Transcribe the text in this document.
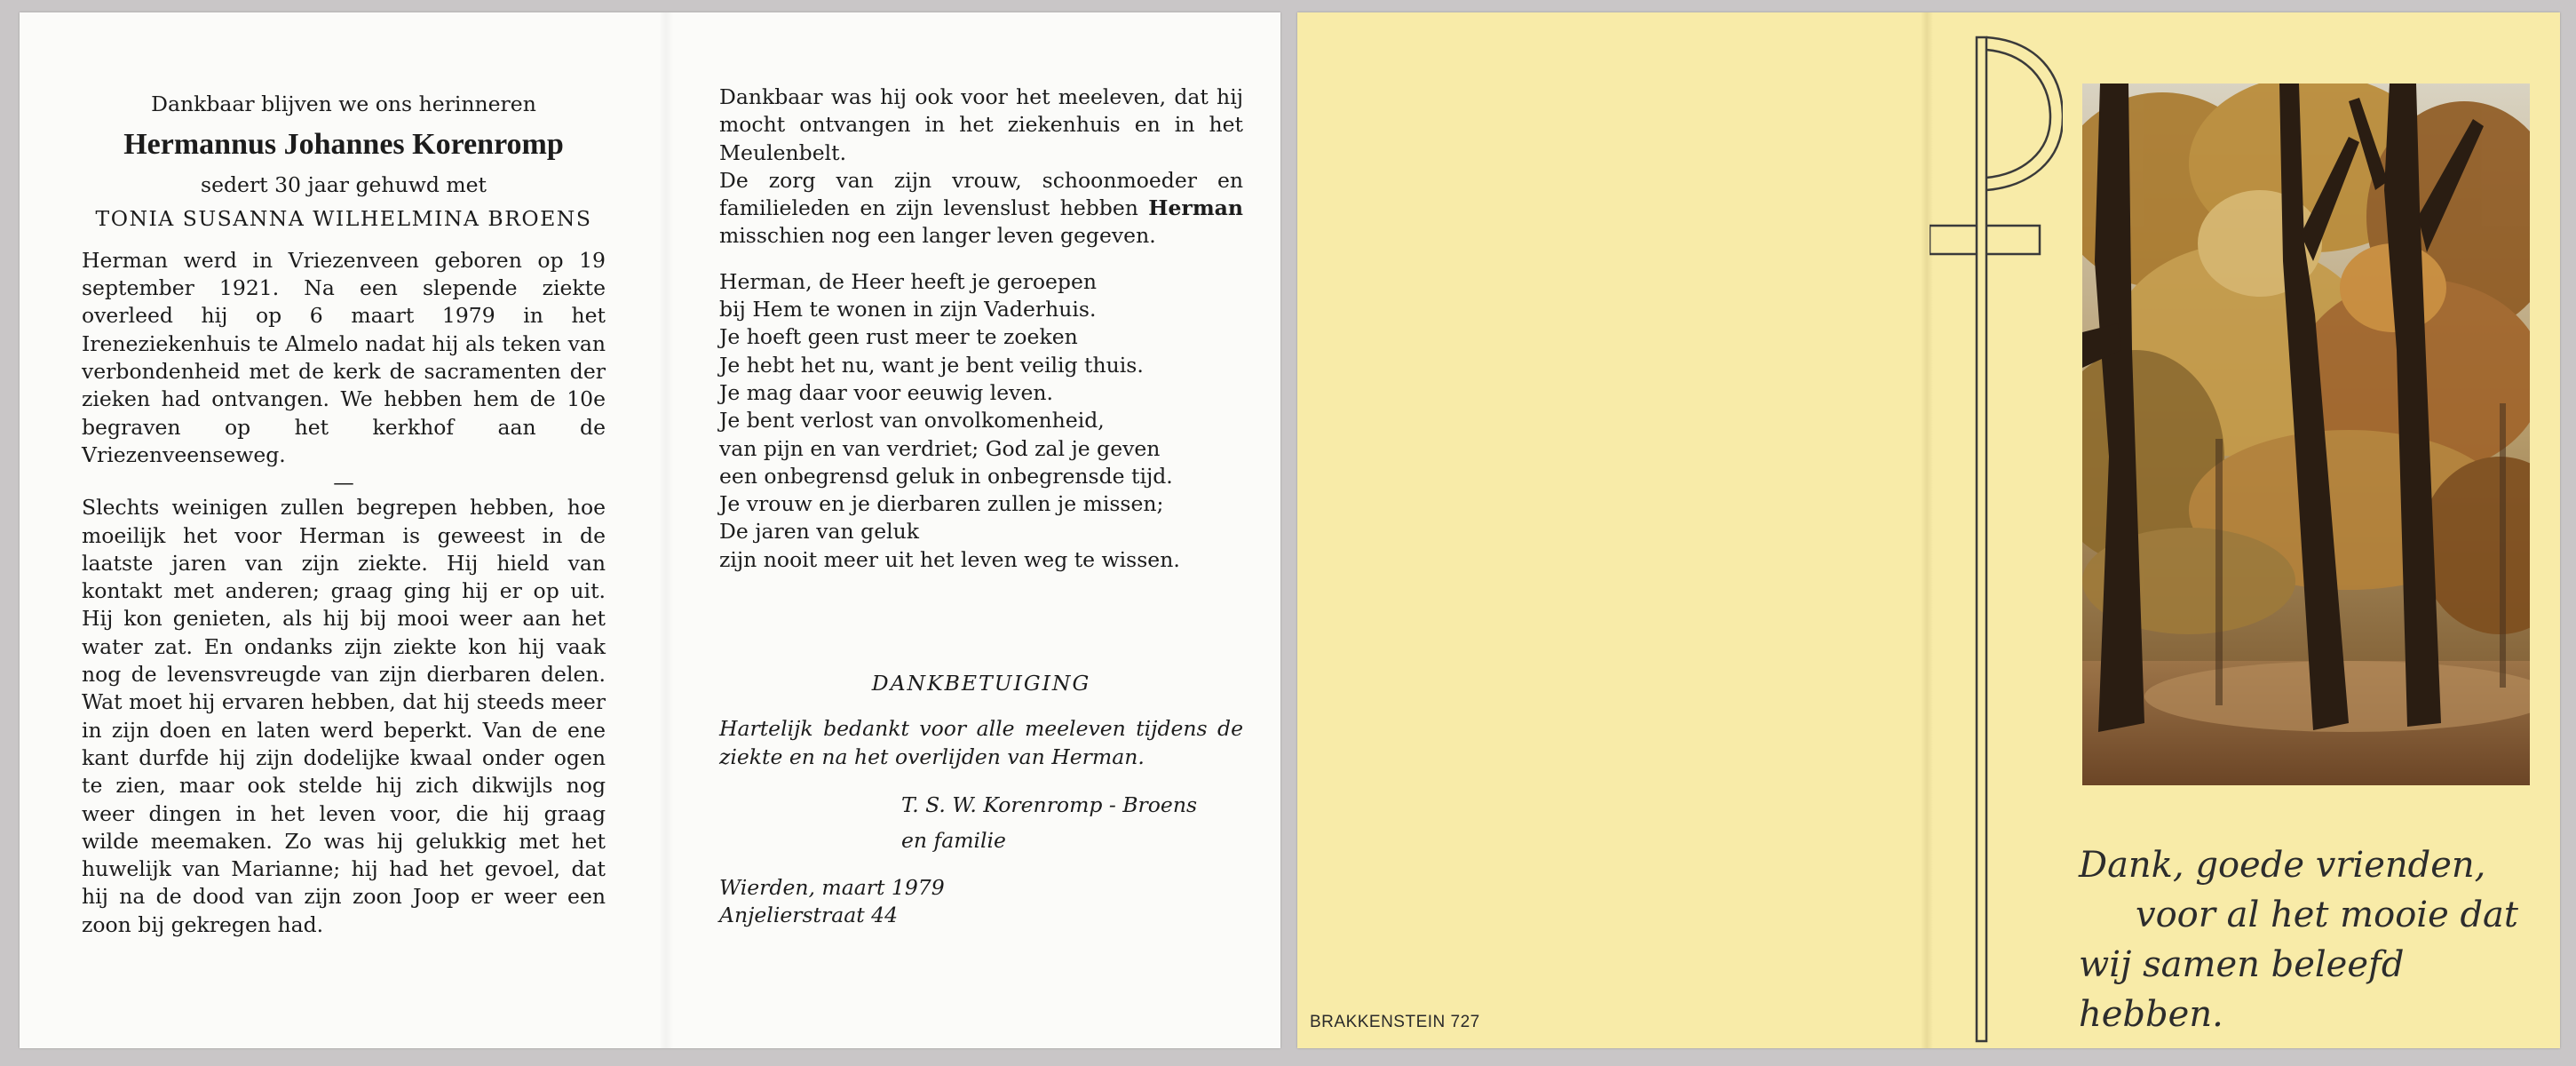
Dankbaar blijven we ons herinneren
Hermannus Johannes Korenromp
sedert 30 jaar gehuwd met
TONIA SUSANNA WILHELMINA BROENS
Herman werd in Vriezenveen geboren op 19 september 1921. Na een slepende ziekte overleed hij op 6 maart 1979 in het Ireneziekenhuis te Almelo nadat hij als teken van verbondenheid met de kerk de sacramenten der zieken had ontvangen. We hebben hem de 10e begraven op het kerkhof aan de Vriezenveenseweg.
—
Slechts weinigen zullen begrepen hebben, hoe moeilijk het voor Herman is geweest in de laatste jaren van zijn ziekte. Hij hield van kontakt met anderen; graag ging hij er op uit. Hij kon genieten, als hij bij mooi weer aan het water zat. En ondanks zijn ziekte kon hij vaak nog de levensvreugde van zijn dierbaren delen. Wat moet hij ervaren hebben, dat hij steeds meer in zijn doen en laten werd beperkt. Van de ene kant durfde hij zijn dodelijke kwaal onder ogen te zien, maar ook stelde hij zich dikwijls nog weer dingen in het leven voor, die hij graag wilde meemaken. Zo was hij gelukkig met het huwelijk van Marianne; hij had het gevoel, dat hij na de dood van zijn zoon Joop er weer een zoon bij gekregen had.
Dankbaar was hij ook voor het meeleven, dat hij mocht ontvangen in het ziekenhuis en in het Meulenbelt.
De zorg van zijn vrouw, schoonmoeder en familieleden en zijn levenslust hebben Herman misschien nog een langer leven gegeven.
Herman, de Heer heeft je geroepen
bij Hem te wonen in zijn Vaderhuis.
Je hoeft geen rust meer te zoeken
Je hebt het nu, want je bent veilig thuis.
Je mag daar voor eeuwig leven.
Je bent verlost van onvolkomenheid,
van pijn en van verdriet; God zal je geven
een onbegrensd geluk in onbegrensde tijd.
Je vrouw en je dierbaren zullen je missen;
De jaren van geluk
zijn nooit meer uit het leven weg te wissen.
DANKBETUIGING
Hartelijk bedankt voor alle meeleven tijdens de ziekte en na het overlijden van Herman.
T. S. W. Korenromp - Broens
en familie
Wierden, maart 1979
Anjelierstraat 44
BRAKKENSTEIN 727
Dank, goede vrienden,
voor al het mooie dat
wij samen beleefd hebben.
